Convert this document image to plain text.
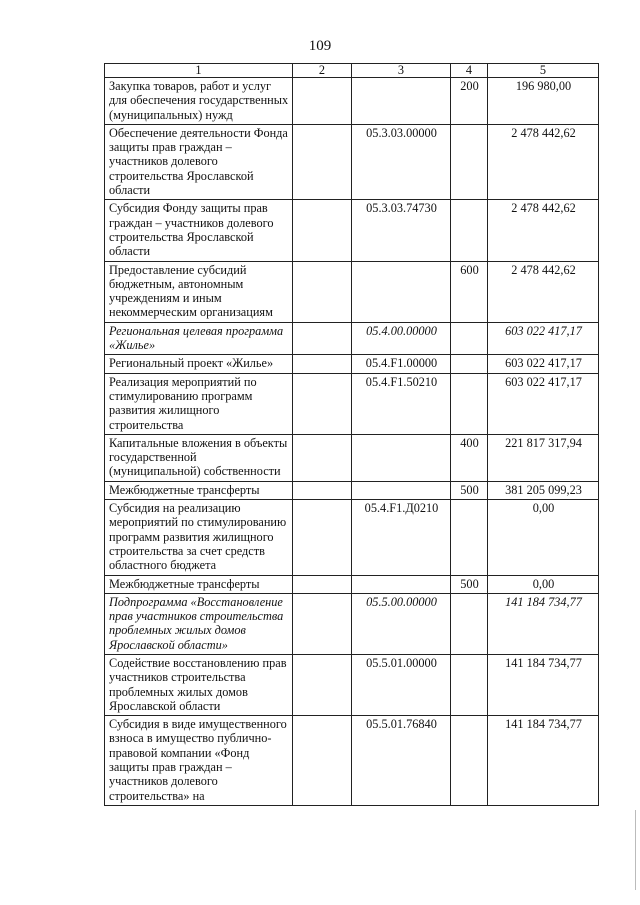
109
1	2	3	4	5
Закупка товаров, работ и услуг для обеспечения государственных (муниципальных) нужд			200	196 980,00
Обеспечение деятельности Фонда защиты прав граждан – участников долевого строительства Ярославской области		05.3.03.00000		2 478 442,62
Субсидия Фонду защиты прав граждан – участников долевого строительства Ярославской области		05.3.03.74730		2 478 442,62
Предоставление субсидий бюджетным, автономным учреждениям и иным некоммерческим организациям			600	2 478 442,62
Региональная целевая программа «Жилье»		05.4.00.00000		603 022 417,17
Региональный проект «Жилье»		05.4.F1.00000		603 022 417,17
Реализация мероприятий по стимулированию программ развития жилищного строительства		05.4.F1.50210		603 022 417,17
Капитальные вложения в объекты государственной (муниципальной) собственности			400	221 817 317,94
Межбюджетные трансферты			500	381 205 099,23
Субсидия на реализацию мероприятий по стимулированию программ развития жилищного строительства за счет средств областного бюджета		05.4.F1.Д0210		0,00
Межбюджетные трансферты			500	0,00
Подпрограмма «Восстановление прав участников строительства проблемных жилых домов Ярославской области»		05.5.00.00000		141 184 734,77
Содействие восстановлению прав участников строительства проблемных жилых домов Ярославской области		05.5.01.00000		141 184 734,77
Субсидия в виде имущественного взноса в имущество публично-правовой компании «Фонд защиты прав граждан – участников долевого строительства» на		05.5.01.76840		141 184 734,77
